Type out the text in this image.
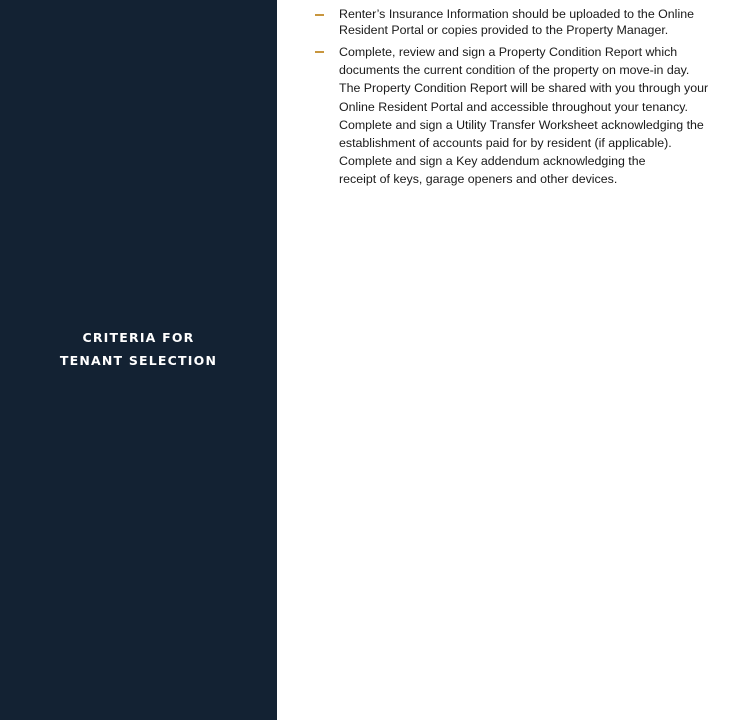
CRITERIA FOR
TENANT SELECTION
Renter’s Insurance Information should be uploaded to the Online
Resident Portal or copies provided to the Property Manager.
Complete, review and sign a Property Condition Report which
documents the current condition of the property on move-in day.
The Property Condition Report will be shared with you through your
Online Resident Portal and accessible throughout your tenancy.
Complete and sign a Utility Transfer Worksheet acknowledging the
establishment of accounts paid for by resident (if applicable).
Complete and sign a Key addendum acknowledging the
receipt of keys, garage openers and other devices.
